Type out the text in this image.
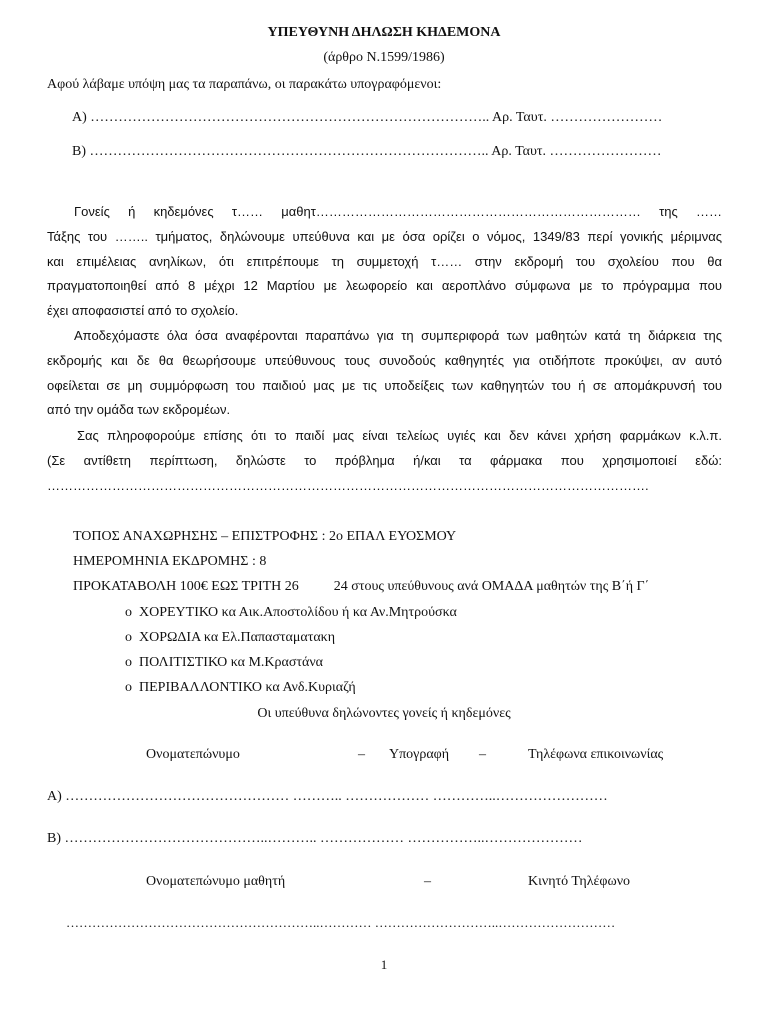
ΥΠΕΥΘΥΝΗ ΔΗΛΩΣΗ ΚΗΔΕΜΟΝΑ
(άρθρο Ν.1599/1986)
Αφού λάβαμε υπόψη μας τα παραπάνω, οι παρακάτω υπογραφόμενοι:
Α) ………………………………………………………………………….. Αρ. Ταυτ. ……………………
Β) ………………………………………………………………………….. Αρ. Ταυτ. ……………………
Γονείς ή κηδεμόνες τ…… μαθητ………………………………………………………………… της ……
Τάξης του …….. τμήματος, δηλώνουμε υπεύθυνα και με όσα ορίζει ο νόμος, 1349/83 περί γονικής μέριμνας
και επιμέλειας ανηλίκων, ότι επιτρέπουμε τη συμμετοχή τ…… στην εκδρομή του σχολείου που θα
πραγματοποιηθεί από 8 μέχρι 12 Μαρτίου με λεωφορείο και αεροπλάνο σύμφωνα με το πρόγραμμα που
έχει αποφασιστεί από το σχολείο.
Αποδεχόμαστε όλα όσα αναφέρονται παραπάνω για τη συμπεριφορά των μαθητών κατά τη διάρκεια της
εκδρομής και δε θα θεωρήσουμε υπεύθυνους τους συνοδούς καθηγητές για οτιδήποτε προκύψει, αν αυτό
οφείλεται σε μη συμμόρφωση του παιδιού μας με τις υποδείξεις των καθηγητών του ή σε απομάκρυνσή του
από την ομάδα των εκδρομέων.
Σας πληροφορούμε επίσης ότι το παιδί μας είναι τελείως υγιές και δεν κάνει χρήση φαρμάκων κ.λ.π.
(Σε αντίθετη περίπτωση, δηλώστε το πρόβλημα ή/και τα φάρμακα που χρησιμοποιεί εδώ:
………………………………………………………………………………………………………………………….
ΤΟΠΟΣ ΑΝΑΧΩΡΗΣΗΣ – ΕΠΙΣΤΡΟΦΗΣ : 2ο ΕΠΑΛ ΕΥΟΣΜΟΥ
ΗΜΕΡΟΜΗΝΙΑ ΕΚΔΡΟΜΗΣ : 8
ΠΡΟΚΑΤΑΒΟΛΗ 100€ ΕΩΣ ΤΡΙΤΗ 26	24 στους υπεύθυνους ανά ΟΜΑΔΑ μαθητών της Β΄ή Γ΄
o ΧΟΡΕΥΤΙΚΟ κα Αικ.Αποστολίδου ή κα Αν.Μητρούσκα
o ΧΟΡΩΔΙΑ κα Ελ.Παπασταματακη
o ΠΟΛΙΤΙΣΤΙΚΟ κα Μ.Κραστάνα
o ΠΕΡΙΒΑΛΛΟΝΤΙΚΟ κα Ανδ.Κυριαζή
Οι υπεύθυνα δηλώνοντες γονείς ή κηδεμόνες
Ονοματεπώνυμο	– Υπογραφή –	Τηλέφωνα επικοινωνίας
Α) ………………………………………… ……….. ……………… …………..……………………
Β) ……………………………………..……….. ……………… ……………..…………………
Ονοματεπώνυμο μαθητή	–	Κινητό Τηλέφωνο
…………………………………………………..………… ………………………..………………………
1
